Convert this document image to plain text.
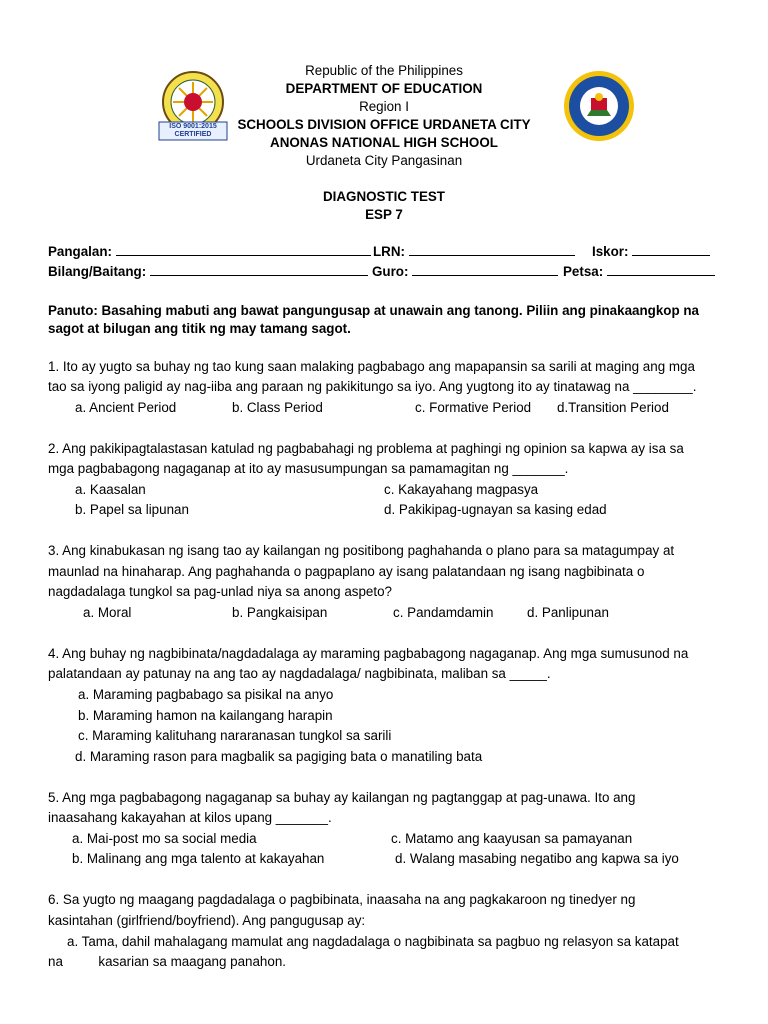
ISO 9001:2015
CERTIFIED
Republic of the Philippines
DEPARTMENT OF EDUCATION
Region I
SCHOOLS DIVISION OFFICE URDANETA CITY
ANONAS NATIONAL HIGH SCHOOL
Urdaneta City Pangasinan
DIAGNOSTIC TEST
ESP 7
Pangalan:	LRN:	Iskor:
Bilang/Baitang:	Guro:	Petsa:
Panuto: Basahing mabuti ang bawat pangungusap at unawain ang tanong. Piliin ang pinakaangkop na
sagot at bilugan ang titik ng may tamang sagot.
1. Ito ay yugto sa buhay ng tao kung saan malaking pagbabago ang mapapansin sa sarili at maging ang mga
tao sa iyong paligid ay nag-iiba ang paraan ng pakikitungo sa iyo. Ang yugtong ito ay tinatawag na ________.
a. Ancient Period	b. Class Period	c. Formative Period d.Transition Period
2. Ang pakikipagtalastasan katulad ng pagbabahagi ng problema at paghingi ng opinion sa kapwa ay isa sa
mga pagbabagong nagaganap at ito ay masusumpungan sa pamamagitan ng _______.
a. Kaasalan	c. Kakayahang magpasya
b. Papel sa lipunan	d. Pakikipag-ugnayan sa kasing edad
3. Ang kinabukasan ng isang tao ay kailangan ng positibong paghahanda o plano para sa matagumpay at
maunlad na hinaharap. Ang paghahanda o pagpaplano ay isang palatandaan ng isang nagbibinata o
nagdadalaga tungkol sa pag-unlad niya sa anong aspeto?
a. Moral	b. Pangkaisipan	c. Pandamdamin	d. Panlipunan
4. Ang buhay ng nagbibinata/nagdadalaga ay maraming pagbabagong nagaganap. Ang mga sumusunod na
palatandaan ay patunay na ang tao ay nagdadalaga/ nagbibinata, maliban sa _____.
a. Maraming pagbabago sa pisikal na anyo
b. Maraming hamon na kailangang harapin
c. Maraming kalituhang nararanasan tungkol sa sarili
d. Maraming rason para magbalik sa pagiging bata o manatiling bata
5. Ang mga pagbabagong nagaganap sa buhay ay kailangan ng pagtanggap at pag-unawa. Ito ang
inaasahang kakayahan at kilos upang _______.
a. Mai-post mo sa social media	c. Matamo ang kaayusan sa pamayanan
b. Malinang ang mga talento at kakayahan	d. Walang masabing negatibo ang kapwa sa iyo
6. Sa yugto ng maagang pagdadalaga o pagbibinata, inaasaha na ang pagkakaroon ng tinedyer ng
kasintahan (girlfriend/boyfriend). Ang pangugusap ay:
a. Tama, dahil mahalagang mamulat ang nagdadalaga o nagbibinata sa pagbuo ng relasyon sa katapat
na	kasarian sa maagang panahon.
